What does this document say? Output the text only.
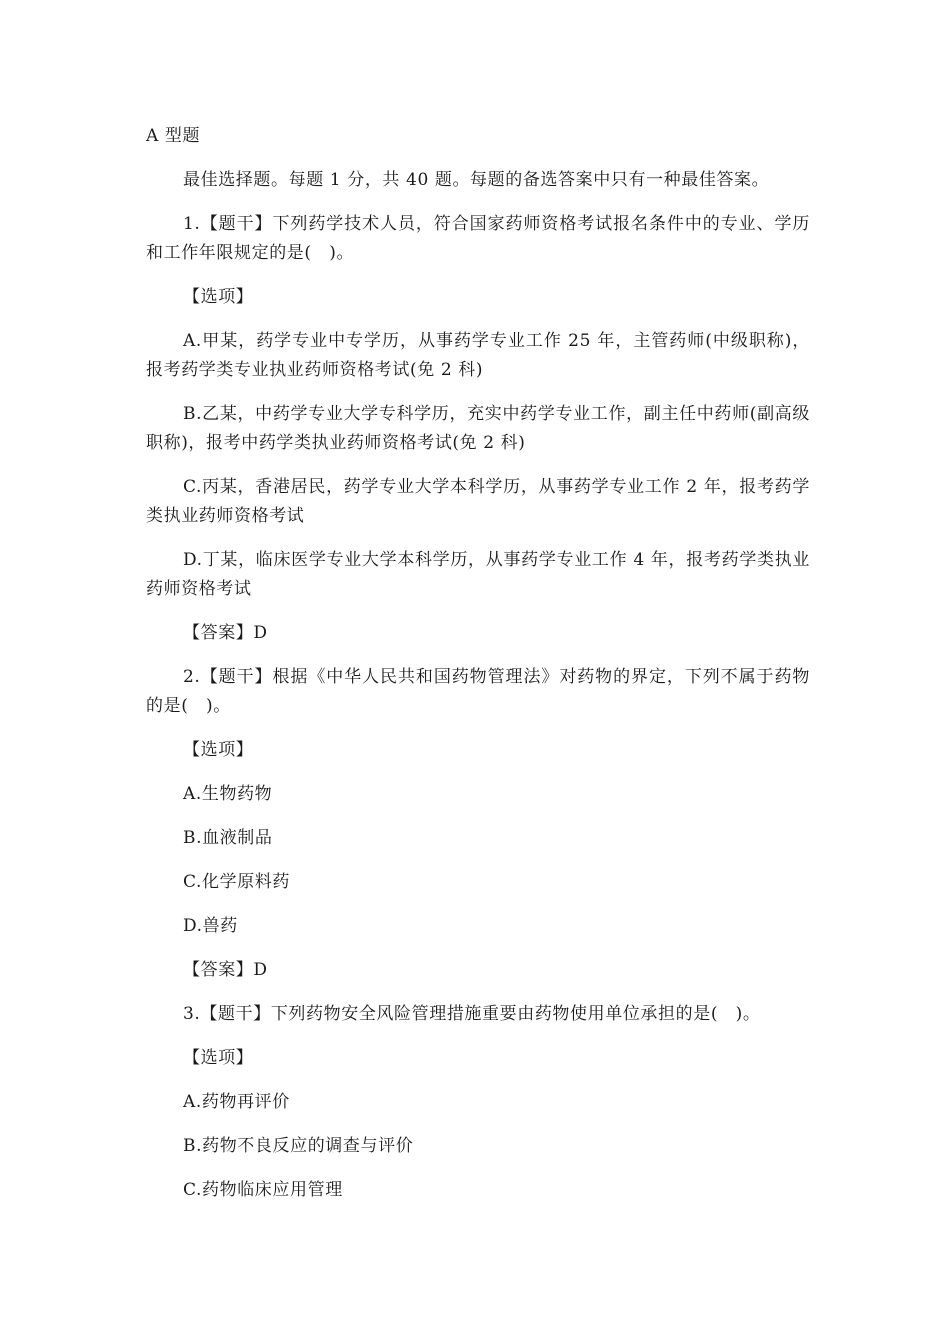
A 型题

最佳选择题。每题 1 分，共 40 题。每题的备选答案中只有一种最佳答案。

1.【题干】下列药学技术人员，符合国家药师资格考试报名条件中的专业、学历和工作年限规定的是(　)。

【选项】

A.甲某，药学专业中专学历，从事药学专业工作 25 年，主管药师(中级职称)，报考药学类专业执业药师资格考试(免 2 科)

B.乙某，中药学专业大学专科学历，充实中药学专业工作，副主任中药师(副高级职称)，报考中药学类执业药师资格考试(免 2 科)

C.丙某，香港居民，药学专业大学本科学历，从事药学专业工作 2 年，报考药学类执业药师资格考试

D.丁某，临床医学专业大学本科学历，从事药学专业工作 4 年，报考药学类执业药师资格考试

【答案】D

2.【题干】根据《中华人民共和国药物管理法》对药物的界定，下列不属于药物的是(　)。

【选项】

A.生物药物

B.血液制品

C.化学原料药

D.兽药

【答案】D

3.【题干】下列药物安全风险管理措施重要由药物使用单位承担的是(　)。

【选项】

A.药物再评价

B.药物不良反应的调查与评价

C.药物临床应用管理
